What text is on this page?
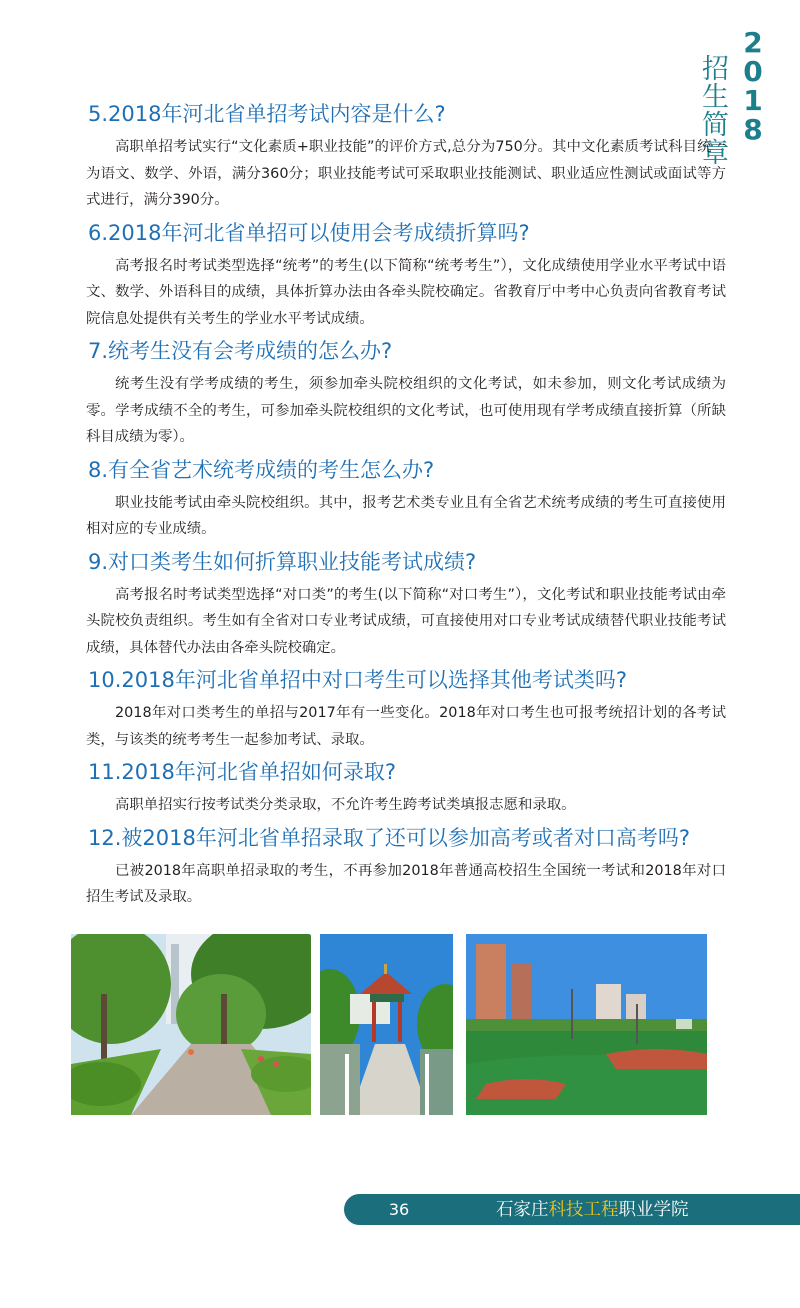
招生简章
2
0
1
8
5.2018年河北省单招考试内容是什么?

高职单招考试实行“文化素质+职业技能”的评价方式,总分为750分。其中文化素质考试科目统一为语文、数学、外语，满分360分；职业技能考试可采取职业技能测试、职业适应性测试或面试等方式进行，满分390分。

6.2018年河北省单招可以使用会考成绩折算吗?

高考报名时考试类型选择“统考”的考生(以下简称“统考考生”），文化成绩使用学业水平考试中语文、数学、外语科目的成绩，具体折算办法由各牵头院校确定。省教育厅中考中心负责向省教育考试院信息处提供有关考生的学业水平考试成绩。

7.统考生没有会考成绩的怎么办?

统考生没有学考成绩的考生，须参加牵头院校组织的文化考试，如未参加，则文化考试成绩为零。学考成绩不全的考生，可参加牵头院校组织的文化考试，也可使用现有学考成绩直接折算（所缺科目成绩为零）。

8.有全省艺术统考成绩的考生怎么办?

职业技能考试由牵头院校组织。其中，报考艺术类专业且有全省艺术统考成绩的考生可直接使用相对应的专业成绩。

9.对口类考生如何折算职业技能考试成绩?

高考报名时考试类型选择“对口类”的考生(以下简称“对口考生”），文化考试和职业技能考试由牵头院校负责组织。考生如有全省对口专业考试成绩，可直接使用对口专业考试成绩替代职业技能考试成绩，具体替代办法由各牵头院校确定。

10.2018年河北省单招中对口考生可以选择其他考试类吗?

2018年对口类考生的单招与2017年有一些变化。2018年对口考生也可报考统招计划的各考试类，与该类的统考考生一起参加考试、录取。

11.2018年河北省单招如何录取?

高职单招实行按考试类分类录取，不允许考生跨考试类填报志愿和录取。

12.被2018年河北省单招录取了还可以参加高考或者对口高考吗?

已被2018年高职单招录取的考生，不再参加2018年普通高校招生全国统一考试和2018年对口招生考试及录取。

36	石家庄科技工程职业学院
